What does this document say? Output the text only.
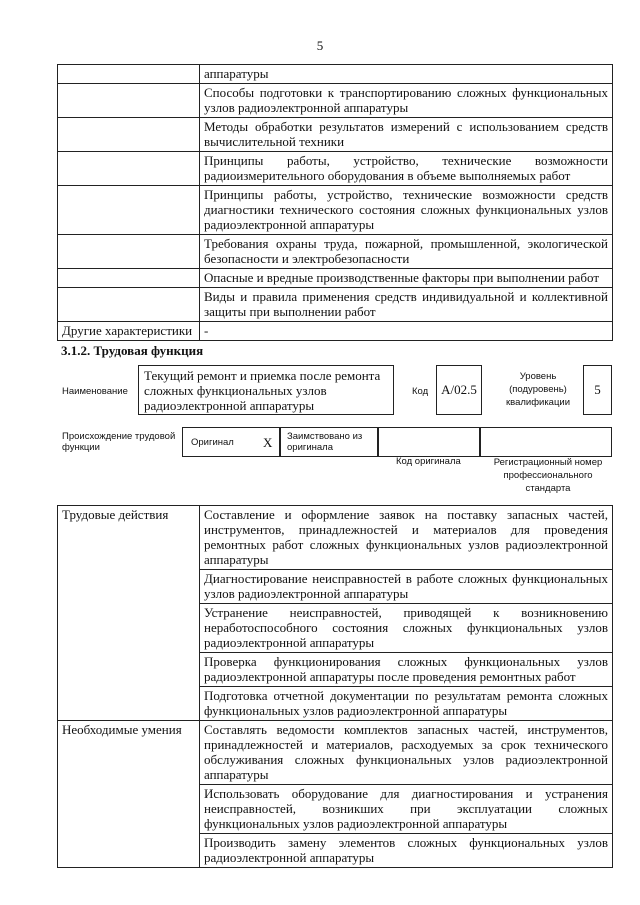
5
	аппаратуры
	Способы подготовки к транспортированию сложных функциональных узлов радиоэлектронной аппаратуры
	Методы обработки результатов измерений с использованием средств вычислительной техники
	Принципы работы, устройство, технические возможности радиоизмерительного оборудования в объеме выполняемых работ
	Принципы работы, устройство, технические возможности средств диагностики технического состояния сложных функциональных узлов радиоэлектронной аппаратуры
	Требования охраны труда, пожарной, промышленной, экологической безопасности и электробезопасности
	Опасные и вредные производственные факторы при выполнении работ
	Виды и правила применения средств индивидуальной и коллективной защиты при выполнении работ
Другие характеристики	-
3.1.2. Трудовая функция
Наименование
Текущий ремонт и приемка после ремонта сложных функциональных узлов радиоэлектронной аппаратуры
Код A/02.5
Уровень (подуровень) квалификации
5
Происхождение трудовой функции	Оригинал X Заимствовано из оригинала
Код оригинала	Регистрационный номер профессионального стандарта
Трудовые действия	Составление и оформление заявок на поставку запасных частей, инструментов, принадлежностей и материалов для проведения ремонтных работ сложных функциональных узлов радиоэлектронной аппаратуры
	Диагностирование неисправностей в работе сложных функциональных узлов радиоэлектронной аппаратуры
	Устранение неисправностей, приводящей к возникновению неработоспособного состояния сложных функциональных узлов радиоэлектронной аппаратуры
	Проверка функционирования сложных функциональных узлов радиоэлектронной аппаратуры после проведения ремонтных работ
	Подготовка отчетной документации по результатам ремонта сложных функциональных узлов радиоэлектронной аппаратуры
Необходимые умения	Составлять ведомости комплектов запасных частей, инструментов, принадлежностей и материалов, расходуемых за срок технического обслуживания сложных функциональных узлов радиоэлектронной аппаратуры
	Использовать оборудование для диагностирования и устранения неисправностей, возникших при эксплуатации сложных функциональных узлов радиоэлектронной аппаратуры
	Производить замену элементов сложных функциональных узлов радиоэлектронной аппаратуры
